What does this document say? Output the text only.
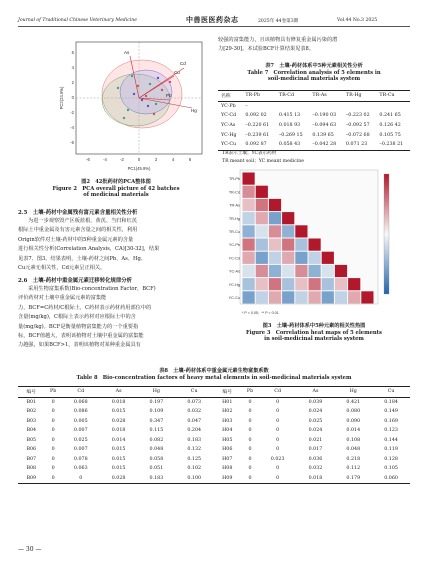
Journal of Traditional Chinese Veterinary Medicine	中兽医医药杂志	2025年 44卷第3期	Vol.44 No.3 2025
As
Cd
Cu
Pb
Hg
-6	-4	-2	0	2	4	6
PC1(45.9%)
6
4
2
0
-2
-4
-6
PC2(24.6%)
图2　42批药材的PCA整体图
Figure 2　PCA overall picture of 42 batches
of medicinal materials
2.5　土壤-药材中金属残有富元素含量相关性分析
为进一步观察毁产区板蓝根、黄芪、当归和红芪
根际土中重金属及有害元素含量之间的相关性，利用
Origin软件对土壤-药材中的5种重金属元素的含量
进行相关性分析(Correlation Analysis，CA)[30-32]，结果
见表7、图3。结果表明，土壤-药材之间Pb、As、Hg、
Cu元素无相关性，Cd元素呈正相关。
2.6　土壤-药材中重金属元素迁移转化规律分析
采用生物富集系数(Bio-concentration Factor，BCF)
评价药材对土壤中重金属元素的富集能
力，BCF=C药材/C根际土，C药材表示药材药用部位中的
含量(mg/kg)，C根际土表示药材对应根际土中的含
量(mg/kg)。BCF是衡量植物富集能力的一个重要指
标，BCF值越大，表明该植物对土壤中重金属的富集能
力越强，如果BCF>1，表明该植物对某种重金属具有
较强的富集能力，且该植物具有修复重金属污染的潜
力[29-30]。本试验BCF计算结果见表8。
表7　土壤-药材体系中5种元素相关性分析
Table 7　Correlation analysis of 5 elements in
soil-medicinal materials system
名称	TR-Pb	TR-Cd	TR-As	TR-Hg	TR-Cu
YC-Pb	–				
YC-Cd	0.092 02	0.415 13	–0.190 03	–0.223 02	0.241 65
YC-As	–0.220 61	0.018 93	–0.094 63	–0.092 57	0.126 42
YC-Hg	–0.239 61	–0.269 15	0.139 65	–0.072 68	0.105 75
YC-Cu	0.092 87	0.058 43	–0.042 28	0.071 23	–0.238 21
TR表示土壤；YC表示药材
TR meant soil；YC meant medicine
TR-Pb
TR-Cd
TR-As
TR-Hg
TR-Cu
YC-Pb
YC-Cd
YC-As
YC-Hg
YC-Cu
* P < 0.05；** P < 0.01
图3　土壤-药材体系中5种元素的相关性热图
Figure 3　Correlation heat maps of 5 elements
in soil-medicinal materials system
表8　土壤-药材体系中重金属元素生物富集系数
Table 8　Bio-concentration factors of heavy metal elements in soil-medicinal materials system
编号	Pb	Cd	As	Hg	Cu	编号	Pb	Cd	As	Hg	Cu
B01	0	0.068	0.018	0.197	0.073	H01	0	0	0.039	0.421	0.184
B02	0	0.086	0.015	0.109	0.032	H02	0	0	0.024	0.080	0.149
B03	0	0.005	0.028	0.347	0.047	H03	0	0	0.025	0.090	0.169
B04	0	0.007	0.018	0.115	0.204	H04	0	0	0.024	0.014	0.123
B05	0	0.025	0.014	0.082	0.183	H05	0	0	0.021	0.108	0.144
B06	0	0.007	0.015	0.048	0.132	H06	0	0	0.017	0.048	0.119
B07	0	0.078	0.015	0.058	0.125	H07	0	0.023	0.036	0.218	0.128
B08	0	0.063	0.015	0.051	0.102	H08	0	0	0.032	0.112	0.105
B09	0	0	0.028	0.183	0.100	H09	0	0	0.018	0.179	0.060
— 30 —
